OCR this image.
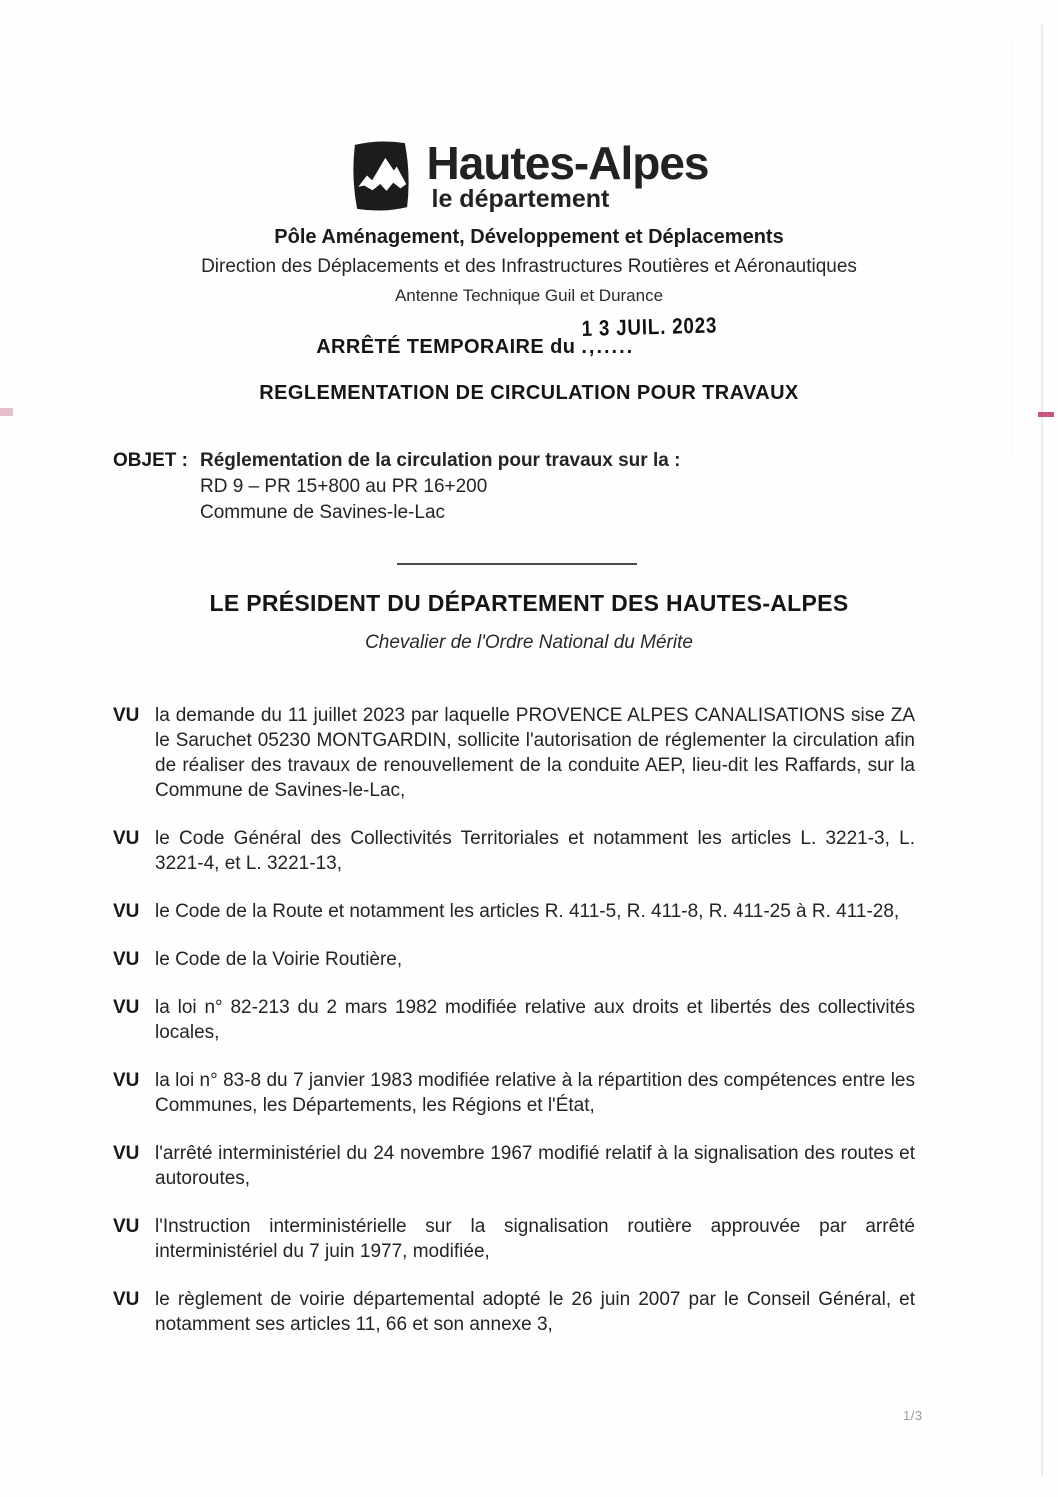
Hautes-Alpes
le département
Pôle Aménagement, Développement et Déplacements
Direction des Déplacements et des Infrastructures Routières et Aéronautiques
Antenne Technique Guil et Durance
ARRÊTÉ TEMPORAIRE du .,.....
1 3 JUIL. 2023
REGLEMENTATION DE CIRCULATION POUR TRAVAUX
OBJET : Réglementation de la circulation pour travaux sur la :
RD 9 – PR 15+800 au PR 16+200
Commune de Savines-le-Lac
LE PRÉSIDENT DU DÉPARTEMENT DES HAUTES-ALPES
Chevalier de l'Ordre National du Mérite
VU la demande du 11 juillet 2023 par laquelle PROVENCE ALPES CANALISATIONS sise ZA le Saruchet 05230 MONTGARDIN, sollicite l'autorisation de réglementer la circulation afin de réaliser des travaux de renouvellement de la conduite AEP, lieu-dit les Raffards, sur la Commune de Savines-le-Lac,
VU le Code Général des Collectivités Territoriales et notamment les articles L. 3221-3, L. 3221-4, et L. 3221-13,
VU le Code de la Route et notamment les articles R. 411-5, R. 411-8, R. 411-25 à R. 411-28,
VU le Code de la Voirie Routière,
VU la loi n° 82-213 du 2 mars 1982 modifiée relative aux droits et libertés des collectivités locales,
VU la loi n° 83-8 du 7 janvier 1983 modifiée relative à la répartition des compétences entre les Communes, les Départements, les Régions et l'État,
VU l'arrêté interministériel du 24 novembre 1967 modifié relatif à la signalisation des routes et autoroutes,
VU l'Instruction interministérielle sur la signalisation routière approuvée par arrêté interministériel du 7 juin 1977, modifiée,
VU le règlement de voirie départemental adopté le 26 juin 2007 par le Conseil Général, et notamment ses articles 11, 66 et son annexe 3,
1/3
